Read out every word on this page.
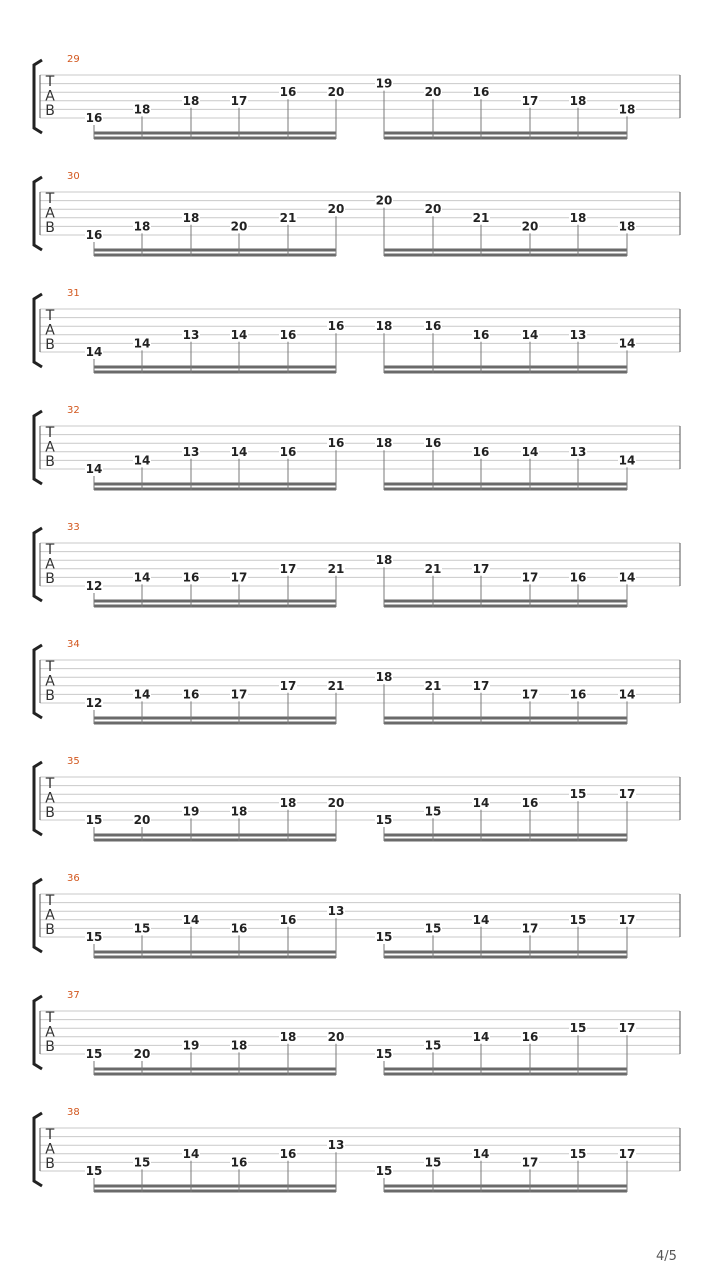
T
A
B
29
16
18
18	17
16	20
19
20	16
17	18
18
T
A
B
30
16
18
18
20
21
20
20
20
21
20
18
18
T
A
B
31
14
14
13	14	16
16	18	16
16	14	13
14
T
A
B
32
14
14
13	14	16
16	18	16
16	14	13
14
T
A
B
33
12
14	16	17
17	21
18
21	17
17	16	14
T
A
B
34
12
14	16	17
17	21
18
21	17
17	16	14
T
A
B
35
15	20
19	18
18	20
15
15
14	16
15	17
T
A
B
36
15
15
14
16
16
13
15
15
14
17
15	17
T
A
B
37
15	20
19	18
18	20
15
15
14	16
15	17
T
A
B
38
15
15
14
16
16
13
15
15
14
17
15	17
4/5
